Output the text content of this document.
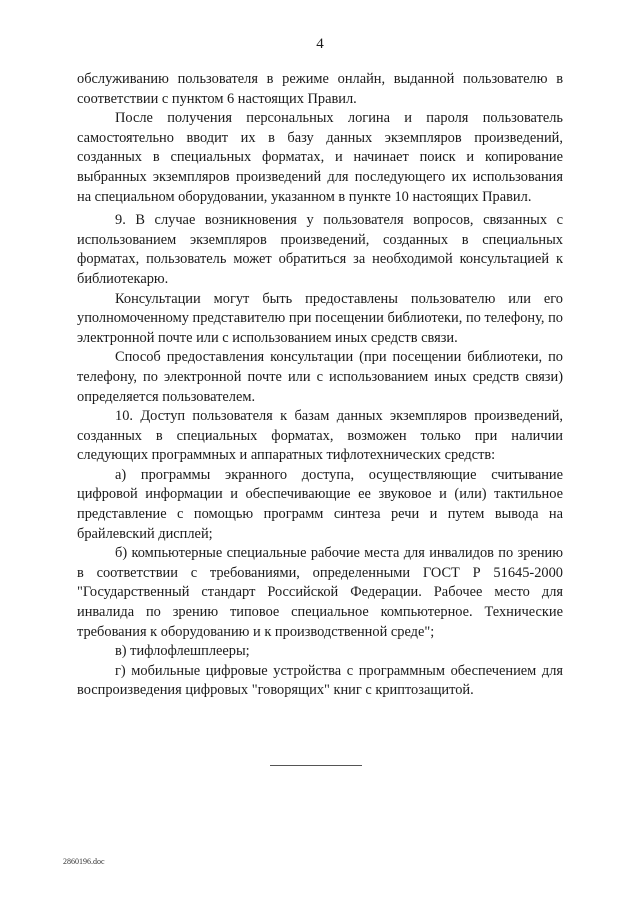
4

обслуживанию пользователя в режиме онлайн, выданной пользователю в соответствии с пунктом 6 настоящих Правил.

После получения персональных логина и пароля пользователь самостоятельно вводит их в базу данных экземпляров произведений, созданных в специальных форматах, и начинает поиск и копирование выбранных экземпляров произведений для последующего их использования на специальном оборудовании, указанном в пункте 10 настоящих Правил.

9. В случае возникновения у пользователя вопросов, связанных с использованием экземпляров произведений, созданных в специальных форматах, пользователь может обратиться за необходимой консультацией к библиотекарю.

Консультации могут быть предоставлены пользователю или его уполномоченному представителю при посещении библиотеки, по телефону, по электронной почте или с использованием иных средств связи.

Способ предоставления консультации (при посещении библиотеки, по телефону, по электронной почте или с использованием иных средств связи) определяется пользователем.

10. Доступ пользователя к базам данных экземпляров произведений, созданных в специальных форматах, возможен только при наличии следующих программных и аппаратных тифлотехнических средств:

а) программы экранного доступа, осуществляющие считывание цифровой информации и обеспечивающие ее звуковое и (или) тактильное представление с помощью программ синтеза речи и путем вывода на брайлевский дисплей;

б) компьютерные специальные рабочие места для инвалидов по зрению в соответствии с требованиями, определенными ГОСТ Р 51645-2000 "Государственный стандарт Российской Федерации. Рабочее место для инвалида по зрению типовое специальное компьютерное. Технические требования к оборудованию и к производственной среде";

в) тифлофлешплееры;

г) мобильные цифровые устройства с программным обеспечением для воспроизведения цифровых "говорящих" книг с криптозащитой.

2860196.doc
